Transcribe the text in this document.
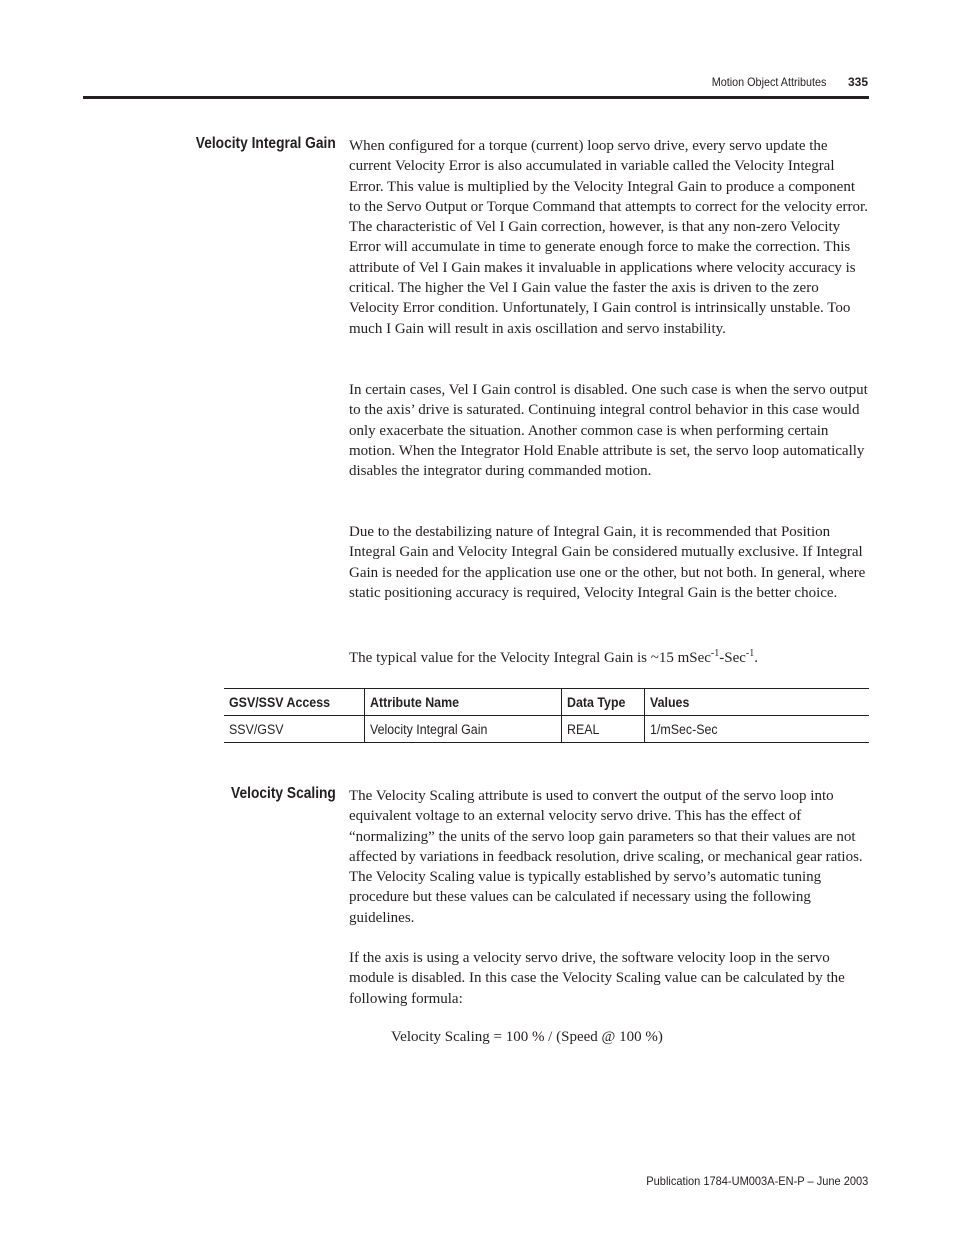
Motion Object Attributes 335
Velocity Integral Gain When configured for a torque (current) loop servo drive, every servo update the current Velocity Error is also accumulated in variable called the Velocity Integral Error. This value is multiplied by the Velocity Integral Gain to produce a component to the Servo Output or Torque Command that attempts to correct for the velocity error. The characteristic of Vel I Gain correction, however, is that any non-zero Velocity Error will accumulate in time to generate enough force to make the correction. This attribute of Vel I Gain makes it invaluable in applications where velocity accuracy is critical. The higher the Vel I Gain value the faster the axis is driven to the zero Velocity Error condition. Unfortunately, I Gain control is intrinsically unstable. Too much I Gain will result in axis oscillation and servo instability.

In certain cases, Vel I Gain control is disabled. One such case is when the servo output to the axis’ drive is saturated. Continuing integral control behavior in this case would only exacerbate the situation. Another common case is when performing certain motion. When the Integrator Hold Enable attribute is set, the servo loop automatically disables the integrator during commanded motion.

Due to the destabilizing nature of Integral Gain, it is recommended that Position Integral Gain and Velocity Integral Gain be considered mutually exclusive. If Integral Gain is needed for the application use one or the other, but not both. In general, where static positioning accuracy is required, Velocity Integral Gain is the better choice.

The typical value for the Velocity Integral Gain is ~15 mSec$^{-1}$-Sec$^{-1}$.

GSV/SSV Access	Attribute Name	Data Type	Values
SSV/GSV	Velocity Integral Gain	REAL	1/mSec-Sec
Velocity Scaling The Velocity Scaling attribute is used to convert the output of the servo loop into equivalent voltage to an external velocity servo drive. This has the effect of “normalizing” the units of the servo loop gain parameters so that their values are not affected by variations in feedback resolution, drive scaling, or mechanical gear ratios. The Velocity Scaling value is typically established by servo’s automatic tuning procedure but these values can be calculated if necessary using the following guidelines.

If the axis is using a velocity servo drive, the software velocity loop in the servo module is disabled. In this case the Velocity Scaling value can be calculated by the following formula:

Velocity Scaling = 100 % / (Speed @ 100 %)
Publication 1784-UM003A-EN-P – June 2003
